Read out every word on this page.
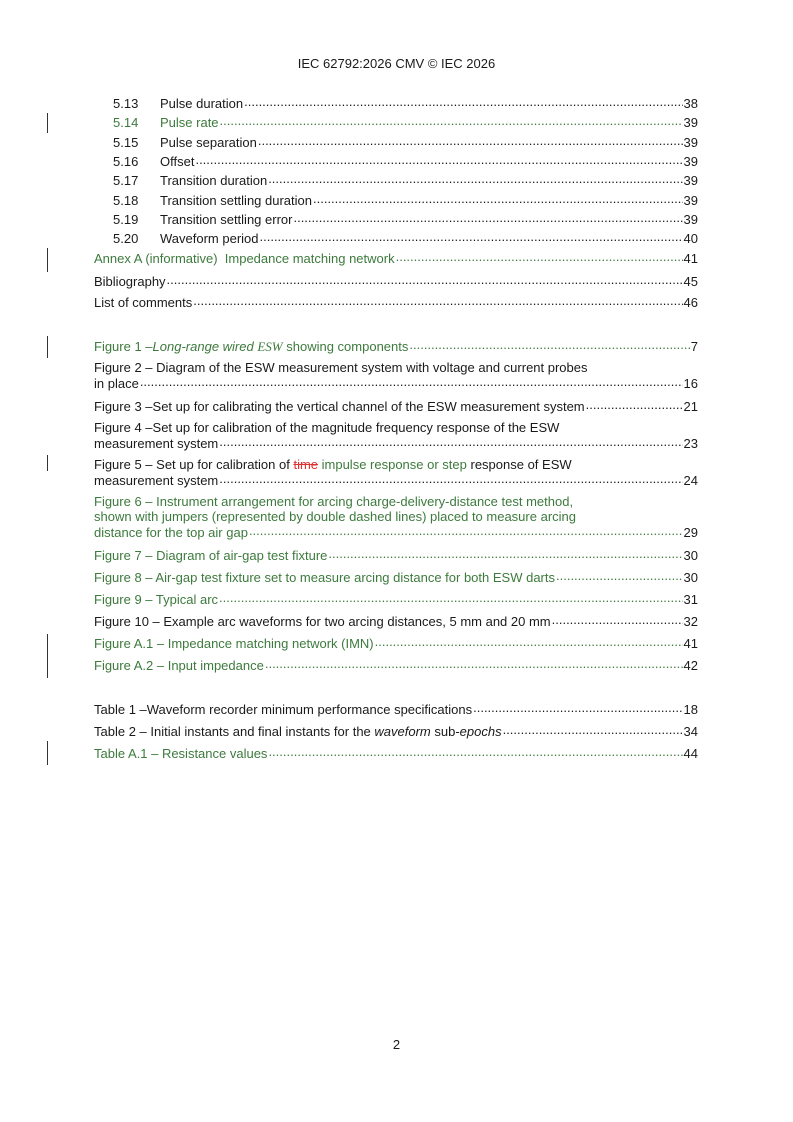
IEC 62792:2026 CMV © IEC 2026
5.13	Pulse duration .....	38
5.14	Pulse rate .....	39
5.15	Pulse separation .....	39
5.16	Offset .....	39
5.17	Transition duration .....	39
5.18	Transition settling duration .....	39
5.19	Transition settling error .....	39
5.20	Waveform period .....	40
Annex A (informative)  Impedance matching network .....	41
Bibliography .....	45
List of comments .....	46
Figure 1 –Long-range wired ESW showing components .....	7
Figure 2 – Diagram of the ESW measurement system with voltage and current probes
in place .....	16
Figure 3 –Set up for calibrating the vertical channel of the ESW measurement system .....	21
Figure 4 –Set up for calibration of the magnitude frequency response of the ESW
measurement system .....	23
Figure 5 – Set up for calibration of time impulse response or step response of ESW
measurement system .....	24
Figure 6 – Instrument arrangement for arcing charge-delivery-distance test method,
shown with jumpers (represented by double dashed lines) placed to measure arcing
distance for the top air gap .....	29
Figure 7 – Diagram of air-gap test fixture .....	30
Figure 8 – Air-gap test fixture set to measure arcing distance for both ESW darts .....	30
Figure 9 – Typical arc .....	31
Figure 10 – Example arc waveforms for two arcing distances, 5 mm and 20 mm .....	32
Figure A.1 – Impedance matching network (IMN) .....	41
Figure A.2 – Input impedance .....	42
Table 1 –Waveform recorder minimum performance specifications .....	18
Table 2 – Initial instants and final instants for the waveform sub-epochs .....	34
Table A.1 – Resistance values .....	44
2
